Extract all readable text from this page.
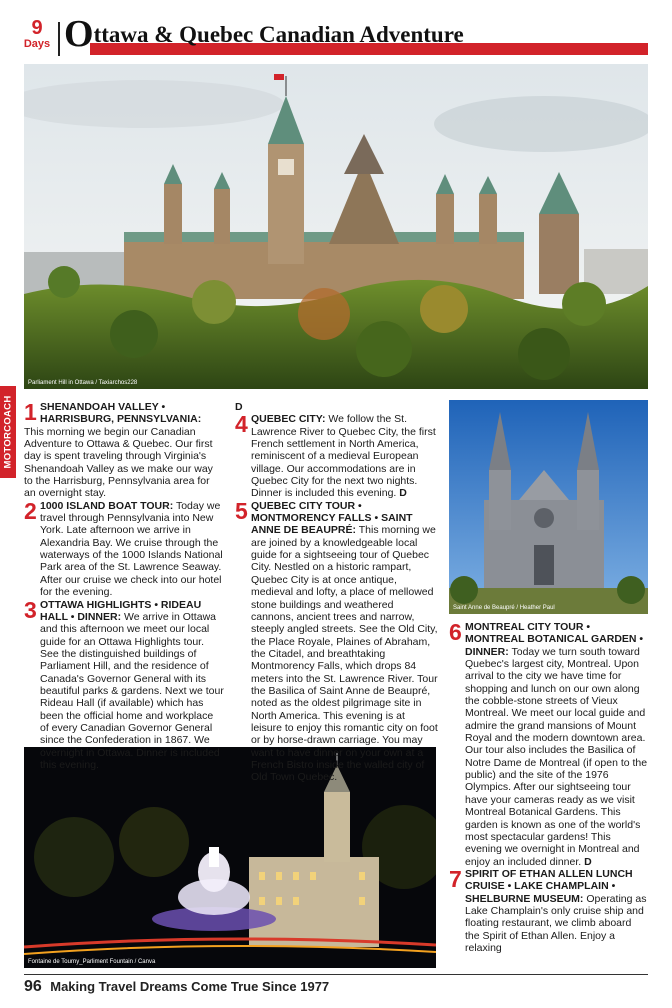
9
Days Ottawa & Quebec Canadian Adventure
MOTORCOACH
Parliament Hill in Ottawa / Taxiarchos228
Saint Anne de Beaupré / Heather Paul
Fontaine de Tourny_Parliment Fountain / Canva
1 SHENANDOAH VALLEY • HARRISBURG, PENNSYLVANIA:

This morning we begin our Canadian Adventure to Ottawa & Quebec. Our first day is spent traveling through Virginia's Shenandoah Valley as we make our way to the Harrisburg, Pennsylvania area for an overnight stay.

2 1000 ISLAND BOAT TOUR: Today we travel through Pennsylvania into New York. Late afternoon we arrive in Alexandria Bay. We cruise through the waterways of the 1000 Islands National Park area of the St. Lawrence Seaway. After our cruise we check into our hotel for the evening.

3 OTTAWA HIGHLIGHTS • RIDEAU HALL • DINNER: We arrive in Ottawa and this afternoon we meet our local guide for an Ottawa Highlights tour. See the distinguished buildings of Parliament Hill, and the residence of Canada's Governor General with its beautiful parks & gardens. Next we tour Rideau Hall (if available) which has been the official home and workplace of every Canadian Governor General since the Confederation in 1867. We overnight in Ottawa. Dinner is included this evening.

D

4 QUEBEC CITY: We follow the St. Lawrence River to Quebec City, the first French settlement in North America, reminiscent of a medieval European village. Our accommodations are in Quebec City for the next two nights. Dinner is included this evening. D

5 QUEBEC CITY TOUR • MONTMORENCY FALLS • SAINT ANNE DE BEAUPRÉ: This morning we are joined by a knowledgeable local guide for a sightseeing tour of Quebec City. Nestled on a historic rampart, Quebec City is at once antique, medieval and lofty, a place of mellowed stone buildings and weathered cannons, ancient trees and narrow, steeply angled streets. See the Old City, the Place Royale, Plaines of Abraham, the Citadel, and breathtaking Montmorency Falls, which drops 84 meters into the St. Lawrence River. Tour the Basilica of Saint Anne de Beaupré, noted as the oldest pilgrimage site in North America. This evening is at leisure to enjoy this romantic city on foot or by horse-drawn carriage. You may want to have dinner on your own at a French Bistro inside the walled city of Old Town Quebec.

6 MONTREAL CITY TOUR • MONTREAL BOTANICAL GARDEN • DINNER: Today we turn south toward Quebec's largest city, Montreal. Upon arrival to the city we have time for shopping and lunch on our own along the cobble-stone streets of Vieux Montreal. We meet our local guide and admire the grand mansions of Mount Royal and the modern downtown area. Our tour also includes the Basilica of Notre Dame de Montreal (if open to the public) and the site of the 1976 Olympics. After our sightseeing tour have your cameras ready as we visit Montreal Botanical Gardens. This garden is known as one of the world's most spectacular gardens! This evening we overnight in Montreal and enjoy an included dinner. D

7 SPIRIT OF ETHAN ALLEN LUNCH CRUISE • LAKE CHAMPLAIN • SHELBURNE MUSEUM: Operating as Lake Champlain's only cruise ship and floating restaurant, we climb aboard the Spirit of Ethan Allen. Enjoy a relaxing

96 Making Travel Dreams Come True Since 1977
